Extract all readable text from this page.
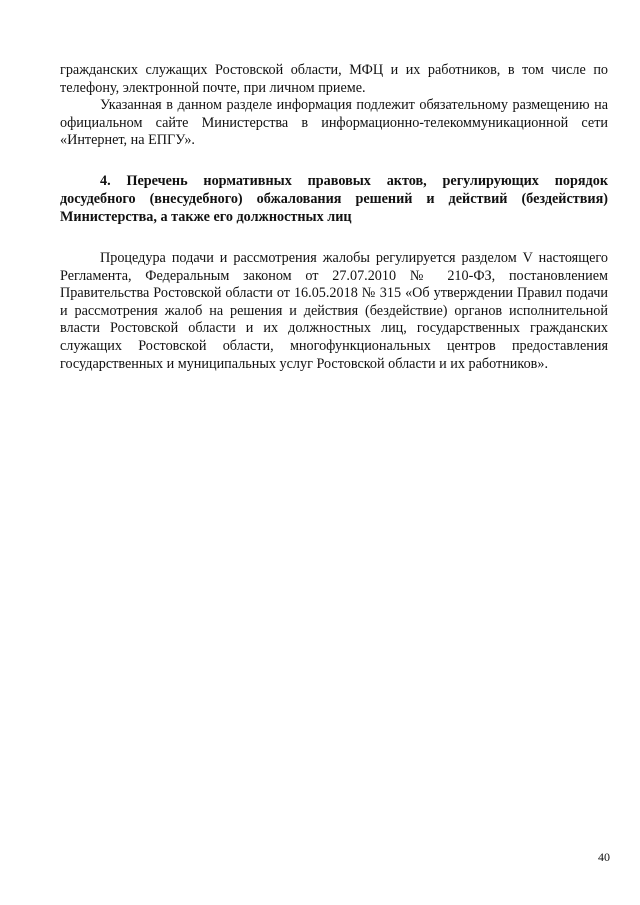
гражданских служащих Ростовской области, МФЦ и их работников, в том числе по телефону, электронной почте, при личном приеме.

Указанная в данном разделе информация подлежит обязательному размещению на официальном сайте Министерства в информационно-телекоммуникационной сети «Интернет, на ЕПГУ».

4. Перечень нормативных правовых актов, регулирующих порядок досудебного (внесудебного) обжалования решений и действий (бездействия) Министерства, а также его должностных лиц

Процедура подачи и рассмотрения жалобы регулируется разделом V настоящего Регламента, Федеральным законом от 27.07.2010 № 210-ФЗ, постановлением Правительства Ростовской области от 16.05.2018 № 315 «Об утверждении Правил подачи и рассмотрения жалоб на решения и действия (бездействие) органов исполнительной власти Ростовской области и их должностных лиц, государственных гражданских служащих Ростовской области, многофункциональных центров предоставления государственных и муниципальных услуг Ростовской области и их работников».

40
